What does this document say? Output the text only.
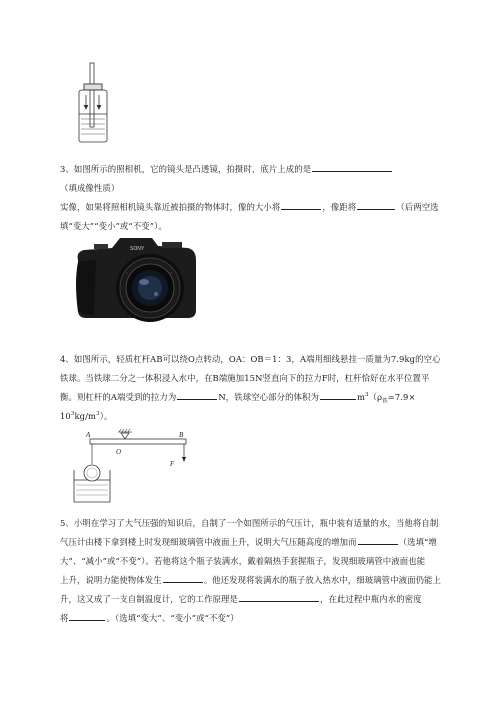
3、如图所示的照相机，它的镜头是凸透镜，拍摄时，底片上成的是（填成像性质）
实像，如果将照相机镜头靠近被拍摄的物体时，像的大小将	，像距将	（后两空选
填“变大”“变小”或“不变”）。
SONY
4、如图所示，轻质杠杆AB可以绕O点转动，OA：OB＝1：3，A端用细线悬挂一质量为7.9kg的空心
铁球。当铁球二分之一体积浸入水中，在B端施加15N竖直向下的拉力F时，杠杆恰好在水平位置平
衡。则杠杆的A端受到的拉力为	N，铁球空心部分的体积为	$m^3(\rho_铁=7.9\times$
$10^3kg/m^3$）。
A	B
O
F
5、小明在学习了大气压强的知识后，自制了一个如图所示的气压计，瓶中装有适量的水，当他将自制
气压计由楼下拿到楼上时发现细玻璃管中液面上升，说明大气压随高度的增加而	（选填“增
大”、“减小”或“不变”）。若他将这个瓶子装满水，戴着隔热手套握瓶子，发现细玻璃管中液面也能
上升，说明力能使物体发生	。他还发现将装满水的瓶子放入热水中，细玻璃管中液面仍能上
升，这又成了一支自制温度计，它的工作原理是	，在此过程中瓶内水的密度
将	。（选填“变大”、“变小”或“不变”）
